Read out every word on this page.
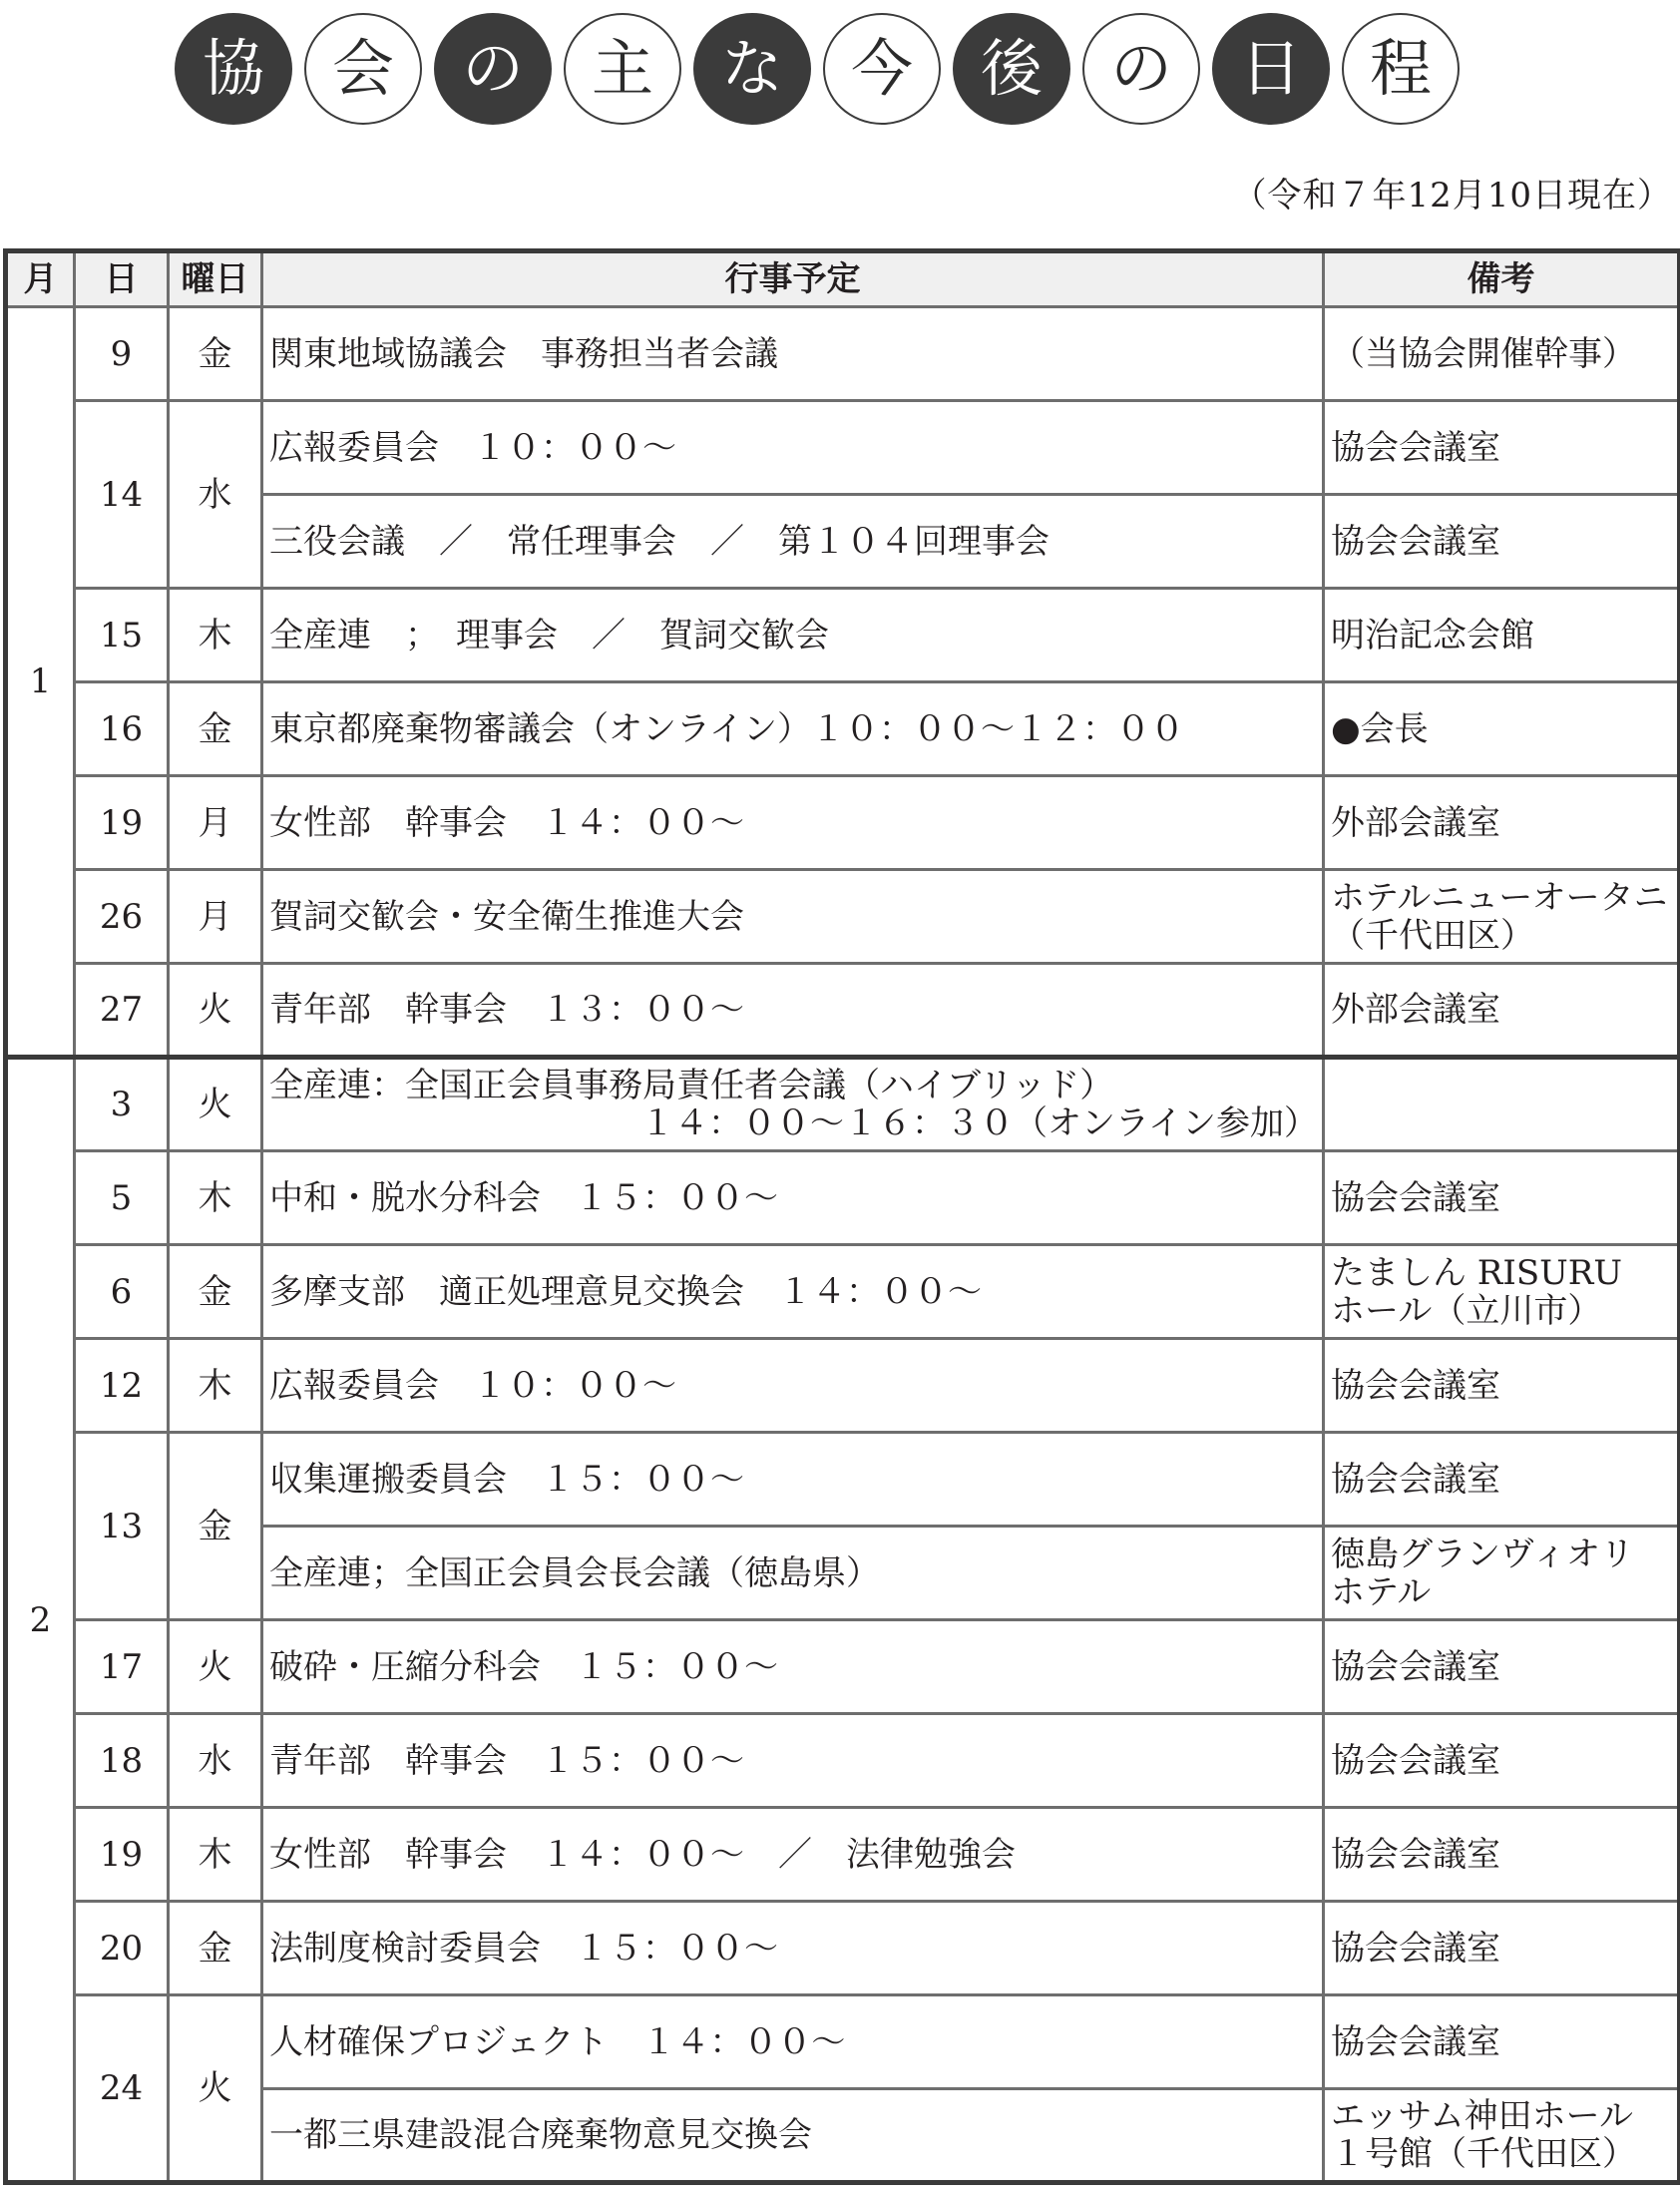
協	会	の	主	な	今	後	の	日	程
（令和７年12月10日現在）
月	日	曜日	行事予定	備考
1	9	金	関東地域協議会　事務担当者会議	（当協会開催幹事）
	14	水	広報委員会　１０：００～	協会会議室
			三役会議　／　常任理事会　／　第１０４回理事会	協会会議室
	15	木	全産連　；　理事会　／　賀詞交歓会	明治記念会館
	16	金	東京都廃棄物審議会（オンライン）１０：００～１２：００	●会長
	19	月	女性部　幹事会　１４：００～	外部会議室
	26	月	賀詞交歓会・安全衛生推進大会	ホテルニューオータニ
（千代田区）
	27	火	青年部　幹事会　１３：００～	外部会議室
2	3	火	全産連：全国正会員事務局責任者会議（ハイブリッド）
１４：００～１６：３０（オンライン参加）	

	5	木	中和・脱水分科会　１５：００～	協会会議室
	6	金	多摩支部　適正処理意見交換会　１４：００～	たましん RISURU
ホール（立川市）
	12	木	広報委員会　１０：００～	協会会議室
	13	金	収集運搬委員会　１５：００～	協会会議室
			全産連；全国正会員会長会議（徳島県）	徳島グランヴィオリ
ホテル
	17	火	破砕・圧縮分科会　１５：００～	協会会議室
	18	水	青年部　幹事会　１５：００～	協会会議室
	19	木	女性部　幹事会　１４：００～　／　法律勉強会	協会会議室
	20	金	法制度検討委員会　１５：００～	協会会議室
	24	火	人材確保プロジェクト　１４：００～	協会会議室
			一都三県建設混合廃棄物意見交換会	エッサム神田ホール
１号館（千代田区）
